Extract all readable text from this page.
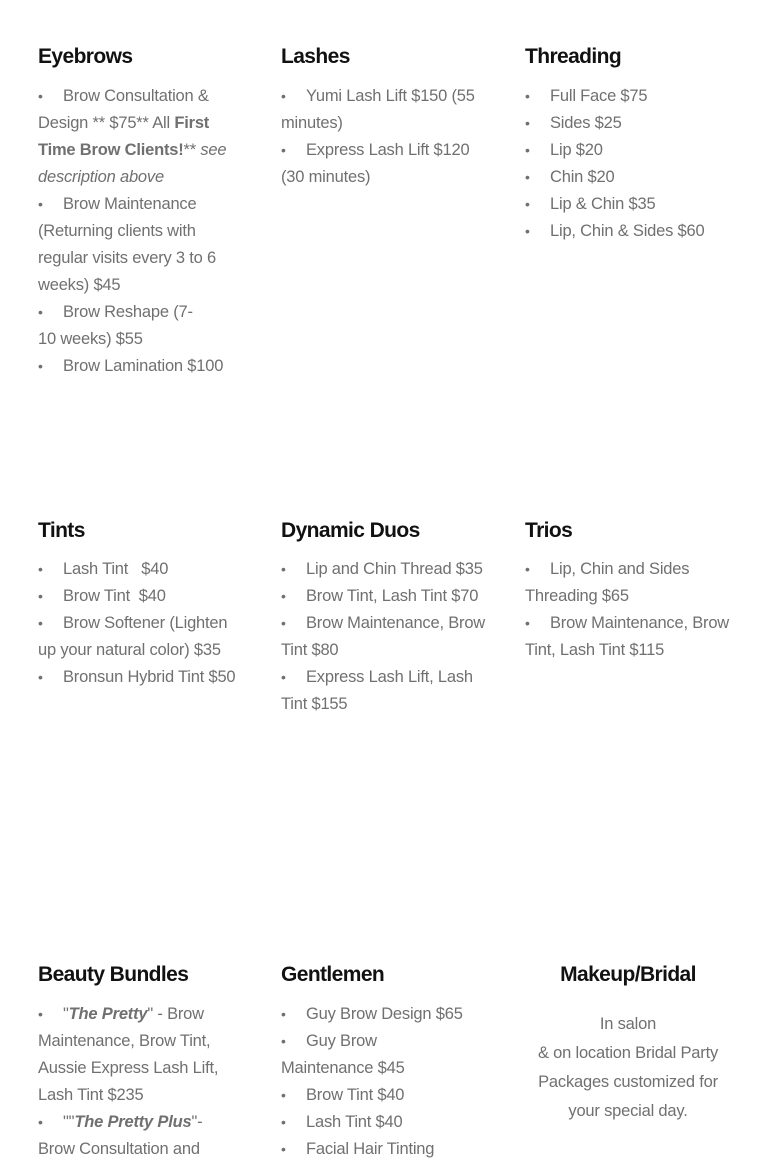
Eyebrows
• Brow Consultation & Design ** $75** All First Time Brow Clients!** see description above
• Brow Maintenance (Returning clients with regular visits every 3 to 6 weeks) $45
• Brow Reshape (7-10 weeks) $55
• Brow Lamination $100
Lashes
• Yumi Lash Lift $150 (55 minutes)
• Express Lash Lift $120 (30 minutes)
Threading
• Full Face $75
• Sides $25
• Lip $20
• Chin $20
• Lip & Chin $35
• Lip, Chin & Sides $60
Tints
• Lash Tint   $40
• Brow Tint  $40
• Brow Softener (Lighten up your natural color) $35
• Bronsun Hybrid Tint $50
Dynamic Duos
• Lip and Chin Thread $35
• Brow Tint, Lash Tint $70
• Brow Maintenance, Brow Tint $80
• Express Lash Lift, Lash Tint $155
Trios
• Lip, Chin and Sides Threading $65
• Brow Maintenance, Brow Tint, Lash Tint $115
Beauty Bundles
• "The Pretty" - Brow Maintenance, Brow Tint, Aussie Express Lash Lift, Lash Tint $235
• ""The Pretty Plus"- Brow Consultation and
Gentlemen
• Guy Brow Design $65
• Guy Brow Maintenance $45
• Brow Tint $40
• Lash Tint $40
• Facial Hair Tinting
Makeup/Bridal

In salon

& on location Bridal Party Packages customized for your special day.
